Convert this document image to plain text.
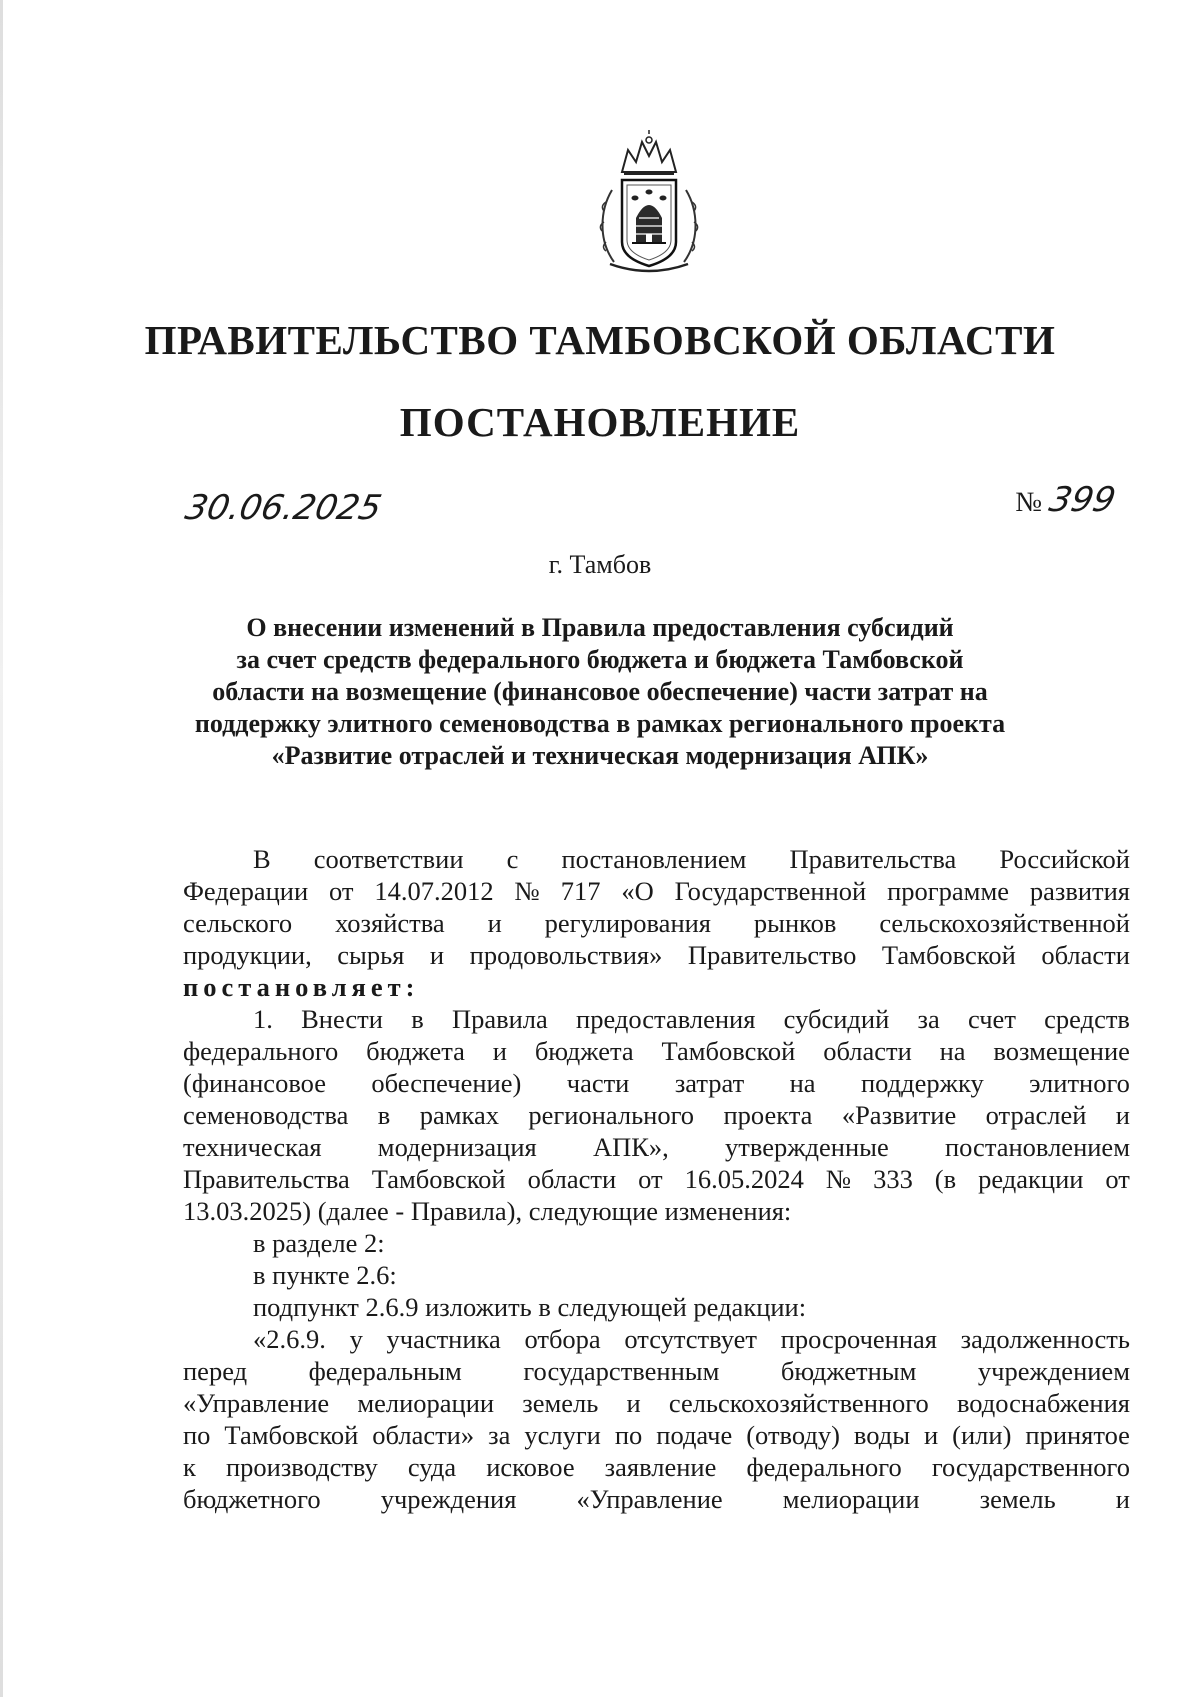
ПРАВИТЕЛЬСТВО ТАМБОВСКОЙ ОБЛАСТИ
ПОСТАНОВЛЕНИЕ
30.06.2025	№ 399
г. Тамбов
О внесении изменений в Правила предоставления субсидий
за счет средств федерального бюджета и бюджета Тамбовской
области на возмещение (финансовое обеспечение) части затрат на
поддержку элитного семеноводства в рамках регионального проекта
«Развитие отраслей и техническая модернизация АПК»
В соответствии с постановлением Правительства Российской
Федерации от 14.07.2012 № 717 «О Государственной программе развития
сельского хозяйства и регулирования рынков сельскохозяйственной
продукции, сырья и продовольствия» Правительство Тамбовской области
постановляет:
1. Внести в Правила предоставления субсидий за счет средств
федерального бюджета и бюджета Тамбовской области на возмещение
(финансовое обеспечение) части затрат на поддержку элитного
семеноводства в рамках регионального проекта «Развитие отраслей и
техническая модернизация АПК», утвержденные постановлением
Правительства Тамбовской области от 16.05.2024 № 333 (в редакции от
13.03.2025) (далее - Правила), следующие изменения:
в разделе 2:
в пункте 2.6:
подпункт 2.6.9 изложить в следующей редакции:
«2.6.9. у участника отбора отсутствует просроченная задолженность
перед федеральным государственным бюджетным учреждением
«Управление мелиорации земель и сельскохозяйственного водоснабжения
по Тамбовской области» за услуги по подаче (отводу) воды и (или) принятое
к производству суда исковое заявление федерального государственного
бюджетного учреждения «Управление мелиорации земель и
